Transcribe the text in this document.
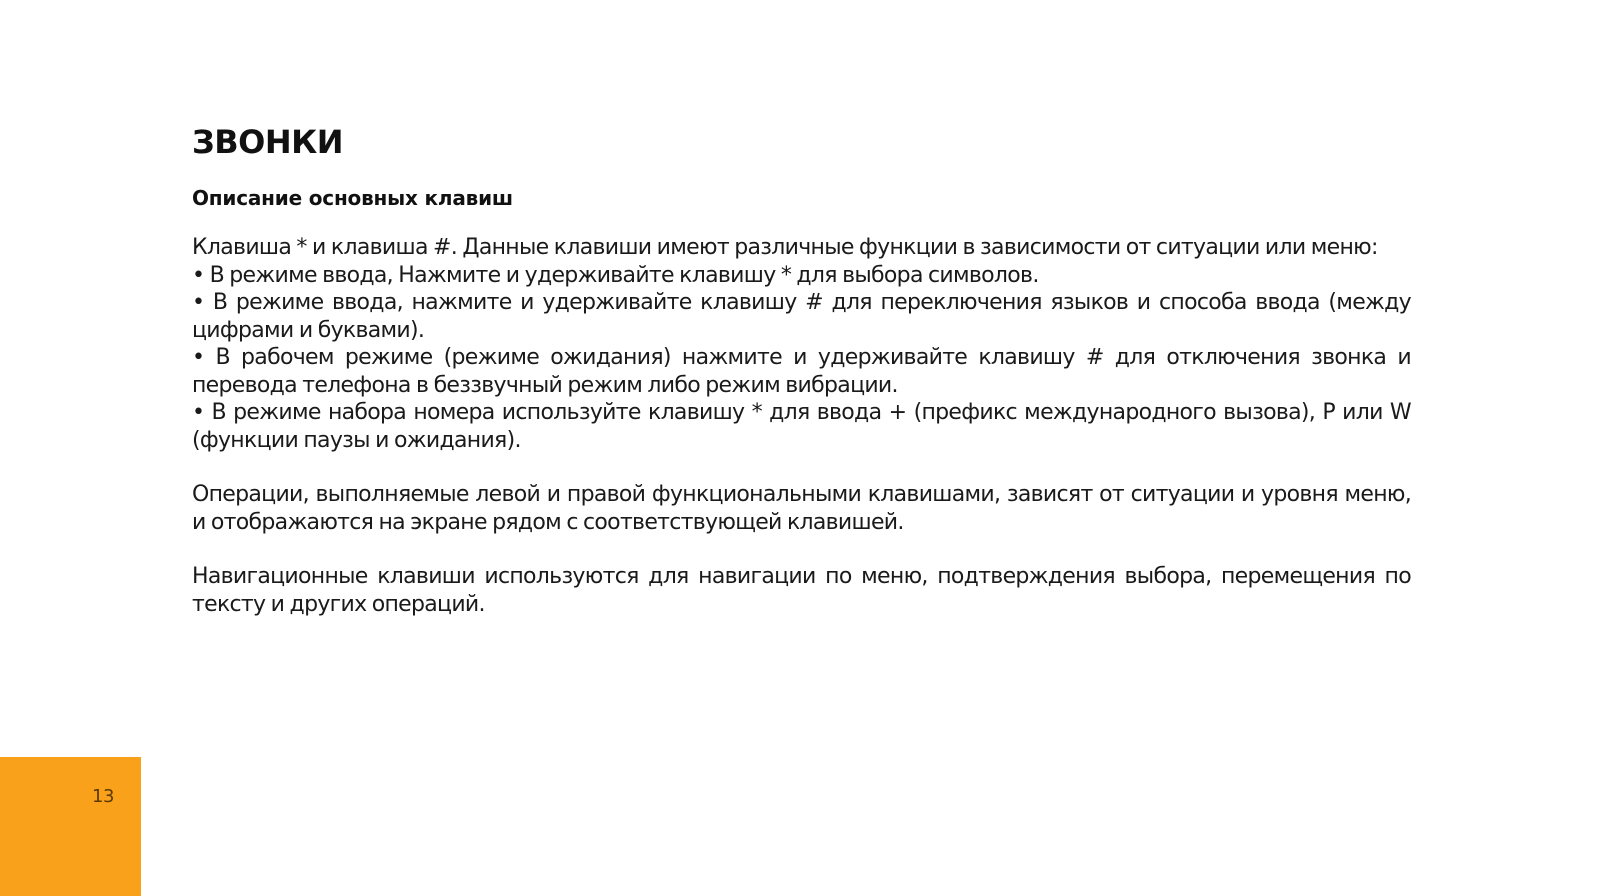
ЗВОНКИ
Описание основных клавиш

Клавиша * и клавиша #. Данные клавиши имеют различные функции в зависимости от ситуации или меню:

• В режиме ввода, Нажмите и удерживайте клавишу * для выбора символов.

• В режиме ввода, нажмите и удерживайте клавишу # для переключения языков и способа ввода (между цифрами и буквами).

• В рабочем режиме (режиме ожидания) нажмите и удерживайте клавишу # для отключения звонка и перевода телефона в беззвучный режим либо режим вибрации.

• В режиме набора номера используйте клавишу * для ввода + (префикс международного вызова), P или W (функции паузы и ожидания).

Операции, выполняемые левой и правой функциональными клавишами, зависят от ситуации и уровня меню, и отображаются на экране рядом с соответствующей клавишей.

Навигационные клавиши используются для навигации по меню, подтверждения выбора, перемещения по тексту и других операций.

13
